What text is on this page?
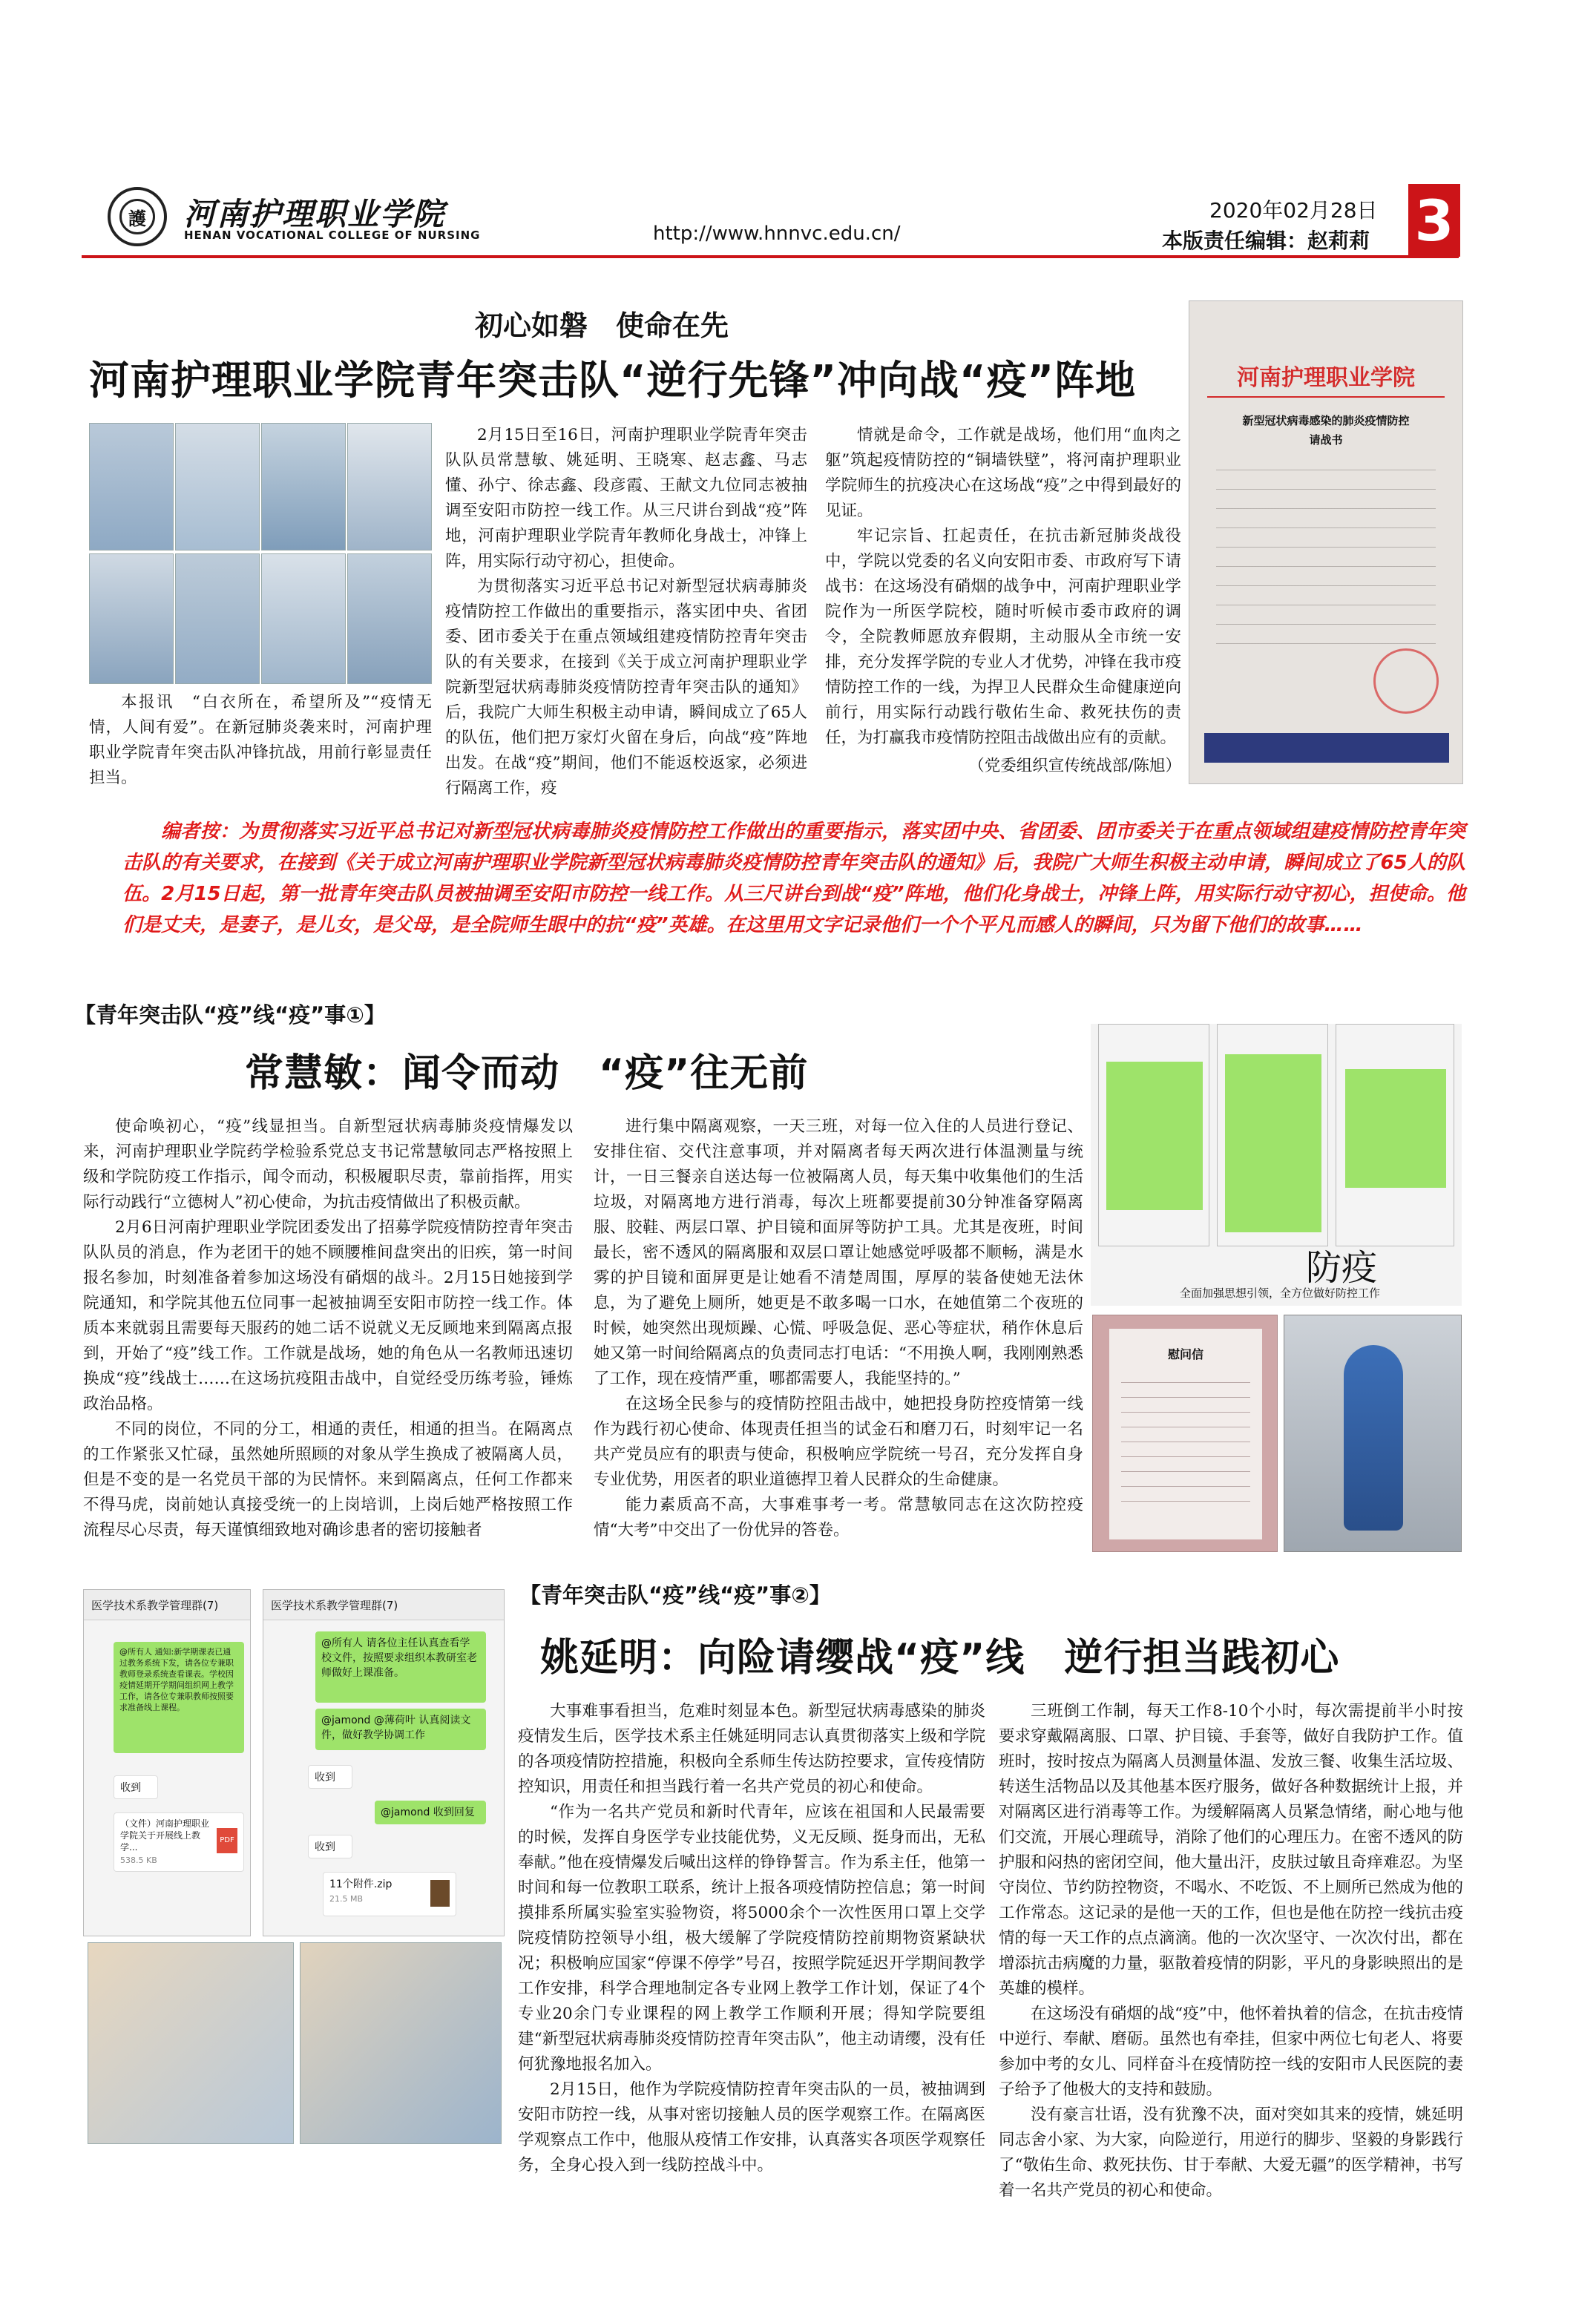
護 河南护理职业学院
HENAN VOCATIONAL COLLEGE OF NURSING	http://www.hnnvc.edu.cn/
2020年02月28日
本版责任编辑：赵莉莉 3
初心如磐　使命在先
河南护理职业学院青年突击队“逆行先锋”冲向战“疫”阵地

本报讯　“白衣所在，希望所及”“疫情无情，人间有爱”。在新冠肺炎袭来时，河南护理职业学院青年突击队冲锋抗战，用前行彰显责任担当。

2月15日至16日，河南护理职业学院青年突击队队员常慧敏、姚延明、王晓寒、赵志鑫、马志懂、孙宁、徐志鑫、段彦霞、王献文九位同志被抽调至安阳市防控一线工作。从三尺讲台到战“疫”阵地，河南护理职业学院青年教师化身战士，冲锋上阵，用实际行动守初心，担使命。

为贯彻落实习近平总书记对新型冠状病毒肺炎疫情防控工作做出的重要指示，落实团中央、省团委、团市委关于在重点领域组建疫情防控青年突击队的有关要求，在接到《关于成立河南护理职业学院新型冠状病毒肺炎疫情防控青年突击队的通知》后，我院广大师生积极主动申请，瞬间成立了65人的队伍，他们把万家灯火留在身后，向战“疫”阵地出发。在战“疫”期间，他们不能返校返家，必须进行隔离工作，疫

情就是命令，工作就是战场，他们用“血肉之躯”筑起疫情防控的“铜墙铁壁”，将河南护理职业学院师生的抗疫决心在这场战“疫”之中得到最好的见证。

牢记宗旨、扛起责任，在抗击新冠肺炎战役中，学院以党委的名义向安阳市委、市政府写下请战书：在这场没有硝烟的战争中，河南护理职业学院作为一所医学院校，随时听候市委市政府的调令，全院教师愿放弃假期，主动服从全市统一安排，充分发挥学院的专业人才优势，冲锋在我市疫情防控工作的一线，为捍卫人民群众生命健康逆向前行，用实际行动践行敬佑生命、救死扶伤的责任，为打赢我市疫情防控阻击战做出应有的贡献。

（党委组织宣传统战部/陈旭）
河南护理职业学院
新型冠状病毒感染的肺炎疫情防控
请战书

编者按：为贯彻落实习近平总书记对新型冠状病毒肺炎疫情防控工作做出的重要指示，落实团中央、省团委、团市委关于在重点领域组建疫情防控青年突击队的有关要求，在接到《关于成立河南护理职业学院新型冠状病毒肺炎疫情防控青年突击队的通知》后，我院广大师生积极主动申请，瞬间成立了65人的队伍。2月15日起，第一批青年突击队员被抽调至安阳市防控一线工作。从三尺讲台到战“疫”阵地，他们化身战士，冲锋上阵，用实际行动守初心，担使命。他们是丈夫，是妻子，是儿女，是父母，是全院师生眼中的抗“疫”英雄。在这里用文字记录他们一个个平凡而感人的瞬间，只为留下他们的故事……

【青年突击队“疫”线“疫”事①】
常慧敏：闻令而动　“疫”往无前

使命唤初心，“疫”线显担当。自新型冠状病毒肺炎疫情爆发以来，河南护理职业学院药学检验系党总支书记常慧敏同志严格按照上级和学院防疫工作指示，闻令而动，积极履职尽责，靠前指挥，用实际行动践行“立德树人”初心使命，为抗击疫情做出了积极贡献。

2月6日河南护理职业学院团委发出了招募学院疫情防控青年突击队队员的消息，作为老团干的她不顾腰椎间盘突出的旧疾，第一时间报名参加，时刻准备着参加这场没有硝烟的战斗。2月15日她接到学院通知，和学院其他五位同事一起被抽调至安阳市防控一线工作。体质本来就弱且需要每天服药的她二话不说就义无反顾地来到隔离点报到，开始了“疫”线工作。工作就是战场，她的角色从一名教师迅速切换成“疫”线战士……在这场抗疫阻击战中，自觉经受历练考验，锤炼政治品格。

不同的岗位，不同的分工，相通的责任，相通的担当。在隔离点的工作紧张又忙碌，虽然她所照顾的对象从学生换成了被隔离人员，但是不变的是一名党员干部的为民情怀。来到隔离点，任何工作都来不得马虎，岗前她认真接受统一的上岗培训，上岗后她严格按照工作流程尽心尽责，每天谨慎细致地对确诊患者的密切接触者

进行集中隔离观察，一天三班，对每一位入住的人员进行登记、安排住宿、交代注意事项，并对隔离者每天两次进行体温测量与统计，一日三餐亲自送达每一位被隔离人员，每天集中收集他们的生活垃圾，对隔离地方进行消毒，每次上班都要提前30分钟准备穿隔离服、胶鞋、两层口罩、护目镜和面屏等防护工具。尤其是夜班，时间最长，密不透风的隔离服和双层口罩让她感觉呼吸都不顺畅，满是水雾的护目镜和面屏更是让她看不清楚周围，厚厚的装备使她无法休息，为了避免上厕所，她更是不敢多喝一口水，在她值第二个夜班的时候，她突然出现烦躁、心慌、呼吸急促、恶心等症状，稍作休息后她又第一时间给隔离点的负责同志打电话：“不用换人啊，我刚刚熟悉了工作，现在疫情严重，哪都需要人，我能坚持的。”

在这场全民参与的疫情防控阻击战中，她把投身防控疫情第一线作为践行初心使命、体现责任担当的试金石和磨刀石，时刻牢记一名共产党员应有的职责与使命，积极响应学院统一号召，充分发挥自身专业优势，用医者的职业道德捍卫着人民群众的生命健康。

能力素质高不高，大事难事考一考。常慧敏同志在这次防控疫情“大考”中交出了一份优异的答卷。

防疫
全面加强思想引领，全方位做好防控工作
慰问信
医学技术系教学管理群(7)
@所有人 通知:新学期课表已通过教务系统下发，请各位专兼职教师登录系统查看课表。学校因疫情延期开学期间组织网上教学工作，请各位专兼职教师按照要求准备线上课程。
收到
（文件）河南护理职业学院关于开展线上教学...
538.5 KB
PDF
医学技术系教学管理群(7)
@所有人 请各位主任认真查看学校文件，按照要求组织本教研室老师做好上课准备。
@jamond @薄荷叶 认真阅读文件，做好教学协调工作
收到
@jamond 收到回复
收到
11个附件.zip
21.5 MB
【青年突击队“疫”线“疫”事②】
姚延明：向险请缨战“疫”线　逆行担当践初心

大事难事看担当，危难时刻显本色。新型冠状病毒感染的肺炎疫情发生后，医学技术系主任姚延明同志认真贯彻落实上级和学院的各项疫情防控措施，积极向全系师生传达防控要求，宣传疫情防控知识，用责任和担当践行着一名共产党员的初心和使命。

“作为一名共产党员和新时代青年，应该在祖国和人民最需要的时候，发挥自身医学专业技能优势，义无反顾、挺身而出，无私奉献。”他在疫情爆发后喊出这样的铮铮誓言。作为系主任，他第一时间和每一位教职工联系，统计上报各项疫情防控信息；第一时间摸排系所属实验室实验物资，将5000余个一次性医用口罩上交学院疫情防控领导小组，极大缓解了学院疫情防控前期物资紧缺状况；积极响应国家“停课不停学”号召，按照学院延迟开学期间教学工作安排，科学合理地制定各专业网上教学工作计划，保证了4个专业20余门专业课程的网上教学工作顺利开展；得知学院要组建“新型冠状病毒肺炎疫情防控青年突击队”，他主动请缨，没有任何犹豫地报名加入。

2月15日，他作为学院疫情防控青年突击队的一员，被抽调到安阳市防控一线，从事对密切接触人员的医学观察工作。在隔离医学观察点工作中，他服从疫情工作安排，认真落实各项医学观察任务，全身心投入到一线防控战斗中。

三班倒工作制，每天工作8-10个小时，每次需提前半小时按要求穿戴隔离服、口罩、护目镜、手套等，做好自我防护工作。值班时，按时按点为隔离人员测量体温、发放三餐、收集生活垃圾、转送生活物品以及其他基本医疗服务，做好各种数据统计上报，并对隔离区进行消毒等工作。为缓解隔离人员紧急情绪，耐心地与他们交流，开展心理疏导，消除了他们的心理压力。在密不透风的防护服和闷热的密闭空间，他大量出汗，皮肤过敏且奇痒难忍。为坚守岗位、节约防控物资，不喝水、不吃饭、不上厕所已然成为他的工作常态。这记录的是他一天的工作，但也是他在防控一线抗击疫情的每一天工作的点点滴滴。他的一次次坚守、一次次付出，都在增添抗击病魔的力量，驱散着疫情的阴影，平凡的身影映照出的是英雄的模样。

在这场没有硝烟的战“疫”中，他怀着执着的信念，在抗击疫情中逆行、奉献、磨砺。虽然也有牵挂，但家中两位七旬老人、将要参加中考的女儿、同样奋斗在疫情防控一线的安阳市人民医院的妻子给予了他极大的支持和鼓励。

没有豪言壮语，没有犹豫不决，面对突如其来的疫情，姚延明同志舍小家、为大家，向险逆行，用逆行的脚步、坚毅的身影践行了“敬佑生命、救死扶伤、甘于奉献、大爱无疆”的医学精神，书写着一名共产党员的初心和使命。
